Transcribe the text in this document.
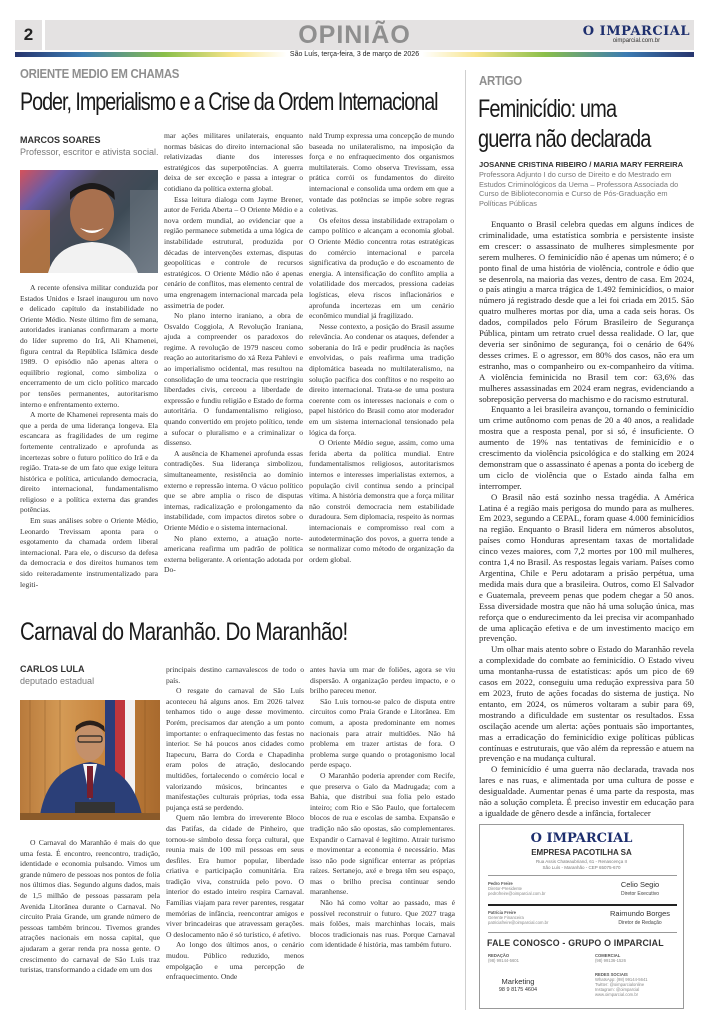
2	OPINIÃO	O IMPARCIAL
oimparcial.com.br
São Luís, terça-feira, 3 de março de 2026
ORIENTE MEDIO EM CHAMAS
Poder, Imperialismo e a Crise da Ordem Internacional
MARCOS SOARES
Professor, escritor e ativista social.

A recente ofensiva militar conduzida por Estados Unidos e Israel inaugurou um novo e delicado capítulo da instabilidade no Oriente Médio. Neste último fim de semana, autoridades iranianas confirmaram a morte do líder supremo do Irã, Ali Khamenei, figura central da República Islâmica desde 1989. O episódio não apenas altera o equilíbrio regional, como simboliza o encerramento de um ciclo político marcado por tensões permanentes, autoritarismo interno e enfrentamento externo.

A morte de Khamenei representa mais do que a perda de uma liderança longeva. Ela escancara as fragilidades de um regime fortemente centralizado e aprofunda as incertezas sobre o futuro político do Irã e da região. Trata-se de um fato que exige leitura histórica e política, articulando democracia, direito internacional, fundamentalismo religioso e a política externa das grandes potências.

Em suas análises sobre o Oriente Médio, Leonardo Trevissam aponta para o esgotamento da chamada ordem liberal internacional. Para ele, o discurso da defesa da democracia e dos direitos humanos tem sido reiteradamente instrumentalizado para legiti-

mar ações militares unilaterais, enquanto normas básicas do direito internacional são relativizadas diante dos interesses estratégicos das superpotências. A guerra deixa de ser exceção e passa a integrar o cotidiano da política externa global.

Essa leitura dialoga com Jayme Brener, autor de Ferida Aberta – O Oriente Médio e a nova ordem mundial, ao evidenciar que a região permanece submetida a uma lógica de instabilidade estrutural, produzida por décadas de intervenções externas, disputas geopolíticas e controle de recursos estratégicos. O Oriente Médio não é apenas cenário de conflitos, mas elemento central de uma engrenagem internacional marcada pela assimetria de poder.

No plano interno iraniano, a obra de Osvaldo Coggiola, A Revolução Iraniana, ajuda a compreender os paradoxos do regime. A revolução de 1979 nasceu como reação ao autoritarismo do xá Reza Pahlevi e ao imperialismo ocidental, mas resultou na consolidação de uma teocracia que restringiu liberdades civis, cerceou a liberdade de expressão e fundiu religião e Estado de forma autoritária. O fundamentalismo religioso, quando convertido em projeto político, tende a sufocar o pluralismo e a criminalizar o dissenso.

A ausência de Khamenei aprofunda essas contradições. Sua liderança simbolizou, simultaneamente, resistência ao domínio externo e repressão interna. O vácuo político que se abre amplia o risco de disputas internas, radicalização e prolongamento da instabilidade, com impactos diretos sobre o Oriente Médio e o sistema internacional.

No plano externo, a atuação norte-americana reafirma um padrão de política externa beligerante. A orientação adotada por Do-

nald Trump expressa uma concepção de mundo baseada no unilateralismo, na imposição da força e no enfraquecimento dos organismos multilaterais. Como observa Trevissam, essa prática corrói os fundamentos do direito internacional e consolida uma ordem em que a vontade das potências se impõe sobre regras coletivas.

Os efeitos dessa instabilidade extrapolam o campo político e alcançam a economia global. O Oriente Médio concentra rotas estratégicas do comércio internacional e parcela significativa da produção e do escoamento de energia. A intensificação do conflito amplia a volatilidade dos mercados, pressiona cadeias logísticas, eleva riscos inflacionários e aprofunda incertezas em um cenário econômico mundial já fragilizado.

Nesse contexto, a posição do Brasil assume relevância. Ao condenar os ataques, defender a soberania do Irã e pedir prudência às nações envolvidas, o país reafirma uma tradição diplomática baseada no multilateralismo, na solução pacífica dos conflitos e no respeito ao direito internacional. Trata-se de uma postura coerente com os interesses nacionais e com o papel histórico do Brasil como ator moderador em um sistema internacional tensionado pela lógica da força.

O Oriente Médio segue, assim, como uma ferida aberta da política mundial. Entre fundamentalismos religiosos, autoritarismos internos e interesses imperialistas externos, a população civil continua sendo a principal vítima. A história demonstra que a força militar não constrói democracia nem estabilidade duradoura. Sem diplomacia, respeito às normas internacionais e compromisso real com a autodeterminação dos povos, a guerra tende a se normalizar como método de organização da ordem global.

Carnaval do Maranhão. Do Maranhão!
CARLOS LULA
deputado estadual

O Carnaval do Maranhão é mais do que uma festa. É encontro, reencontro, tradição, identidade e economia pulsando. Vimos um grande número de pessoas nos pontos de folia nos últimos dias. Segundo alguns dados, mais de 1,5 milhão de pessoas passaram pela Avenida Litorânea durante o Carnaval. No circuito Praia Grande, um grande número de pessoas também brincou. Tivemos grandes atrações nacionais em nossa capital, que ajudaram a gerar renda pra nossa gente. O crescimento do carnaval de São Luís traz turistas, transformando a cidade em um dos

principais destino carnavalescos de todo o país.

O resgate do carnaval de São Luís aconteceu há alguns anos. Em 2026 talvez tenhamos tido o auge desse movimento. Porém, precisamos dar atenção a um ponto importante: o enfraquecimento das festas no interior. Se há poucos anos cidades como Itapecuru, Barra do Corda e Chapadinha eram polos de atração, deslocando multidões, fortalecendo o comércio local e valorizando músicos, brincantes e manifestações culturais próprias, toda essa pujança está se perdendo.

Quem não lembra do irreverente Bloco das Patifas, da cidade de Pinheiro, que tornou-se símbolo dessa força cultural, que reunia mais de 100 mil pessoas em seus desfiles. Era humor popular, liberdade criativa e participação comunitária. Era tradição viva, construída pelo povo. O interior do estado inteiro respira Carnaval. Famílias viajam para rever parentes, resgatar memórias de infância, reencontrar amigos e viver brincadeiras que atravessam gerações. O deslocamento não é só turístico, é afetivo.

Ao longo dos últimos anos, o cenário mudou. Público reduzido, menos empolgação e uma percepção de enfraquecimento. Onde

antes havia um mar de foliões, agora se viu dispersão. A organização perdeu impacto, e o brilho pareceu menor.

São Luís tornou-se palco de disputa entre circuitos como Praia Grande e Litorânea. Em comum, a aposta predominante em nomes nacionais para atrair multidões. Não há problema em trazer artistas de fora. O problema surge quando o protagonismo local perde espaço.

O Maranhão poderia aprender com Recife, que preserva o Galo da Madrugada; com a Bahia, que distribui sua folia pelo estado inteiro; com Rio e São Paulo, que fortalecem blocos de rua e escolas de samba. Expansão e tradição não são opostas, são complementares. Expandir o Carnaval é legítimo. Atrair turismo e movimentar a economia é necessário. Mas isso não pode significar enterrar as próprias raízes. Sertanejo, axé e brega têm seu espaço, mas o brilho precisa continuar sendo maranhense.

Não há como voltar ao passado, mas é possível reconstruir o futuro. Que 2027 traga mais folões, mais marchinhas locais, mais blocos tradicionais nas ruas. Porque Carnaval com identidade é história, mas também futuro.

ARTIGO
Feminicídio: uma
guerra não declarada
JOSANNE CRISTINA RIBEIRO / MARIA MARY FERREIRA
Professora Adjunto I do curso de Direito e do Mestrado em Estudos Criminológicos da Uema – Professora Associada do Curso de Biblioteconomia e Curso de Pós-Graduação em Políticas Públicas

Enquanto o Brasil celebra quedas em alguns índices de criminalidade, uma estatística sombria e persistente insiste em crescer: o assassinato de mulheres simplesmente por serem mulheres. O feminicídio não é apenas um número; é o ponto final de uma história de violência, controle e ódio que se desenrola, na maioria das vezes, dentro de casa. Em 2024, o país atingiu a marca trágica de 1.492 feminicídios, o maior número já registrado desde que a lei foi criada em 2015. São quatro mulheres mortas por dia, uma a cada seis horas. Os dados, compilados pelo Fórum Brasileiro de Segurança Pública, pintam um retrato cruel dessa realidade. O lar, que deveria ser sinônimo de segurança, foi o cenário de 64% desses crimes. E o agressor, em 80% dos casos, não era um estranho, mas o companheiro ou ex-companheiro da vítima. A violência feminicida no Brasil tem cor: 63,6% das mulheres assassinadas em 2024 eram negras, evidenciando a sobreposição perversa do machismo e do racismo estrutural.

Enquanto a lei brasileira avançou, tornando o feminicídio um crime autônomo com penas de 20 a 40 anos, a realidade mostra que a resposta penal, por si só, é insuficiente. O aumento de 19% nas tentativas de feminicídio e o crescimento da violência psicológica e do stalking em 2024 demonstram que o assassinato é apenas a ponta do iceberg de um ciclo de violência que o Estado ainda falha em interromper.

O Brasil não está sozinho nessa tragédia. A América Latina é a região mais perigosa do mundo para as mulheres. Em 2023, segundo a CEPAL, foram quase 4.000 feminicídios na região. Enquanto o Brasil lidera em números absolutos, países como Honduras apresentam taxas de mortalidade cinco vezes maiores, com 7,2 mortes por 100 mil mulheres, contra 1,4 no Brasil. As respostas legais variam. Países como Argentina, Chile e Peru adotaram a prisão perpétua, uma medida mais dura que a brasileira. Outros, como El Salvador e Guatemala, preveem penas que podem chegar a 50 anos. Essa diversidade mostra que não há uma solução única, mas reforça que o endurecimento da lei precisa vir acompanhado de uma aplicação efetiva e de um investimento maciço em prevenção.

Um olhar mais atento sobre o Estado do Maranhão revela a complexidade do combate ao feminicídio. O Estado viveu uma montanha-russa de estatísticas: após um pico de 69 casos em 2022, conseguiu uma redução expressiva para 50 em 2023, fruto de ações focadas do sistema de justiça. No entanto, em 2024, os números voltaram a subir para 69, mostrando a dificuldade em sustentar os resultados. Essa oscilação acende um alerta: ações pontuais são importantes, mas a erradicação do feminicídio exige políticas públicas contínuas e estruturais, que vão além da repressão e atuem na prevenção e na mudança cultural.

O feminicídio é uma guerra não declarada, travada nos lares e nas ruas, e alimentada por uma cultura de posse e desigualdade. Aumentar penas é uma parte da resposta, mas não a solução completa. É preciso investir em educação para a igualdade de gênero desde a infância, fortalecer

O IMPARCIAL
EMPRESA PACOTILHA SA
Rua Assis Chateaubriand, 61 - Renascença II
São Luís - Maranhão - CEP 65075-670
Pedro Freire
Diretor-Presidente
pedrofreire@oimparcial.com.br
Celio Segio
Diretor Executivo
Patrícia Freire
Gerente Financeira
patriciafreire@oimparcial.com.br
Raimundo Borges
Diretor de Redação
FALE CONOSCO - GRUPO O IMPARCIAL
REDAÇÃO
(98) 99144-5601
COMERCIAL
(98) 99136-1526
Marketing
98 9 8175 4604
REDES SOCIAIS
WhatsApp: (98) 99144-5641
Twitter: @oimparcialonline
Instagram: @oimparcial
www.oimparcial.com.br
